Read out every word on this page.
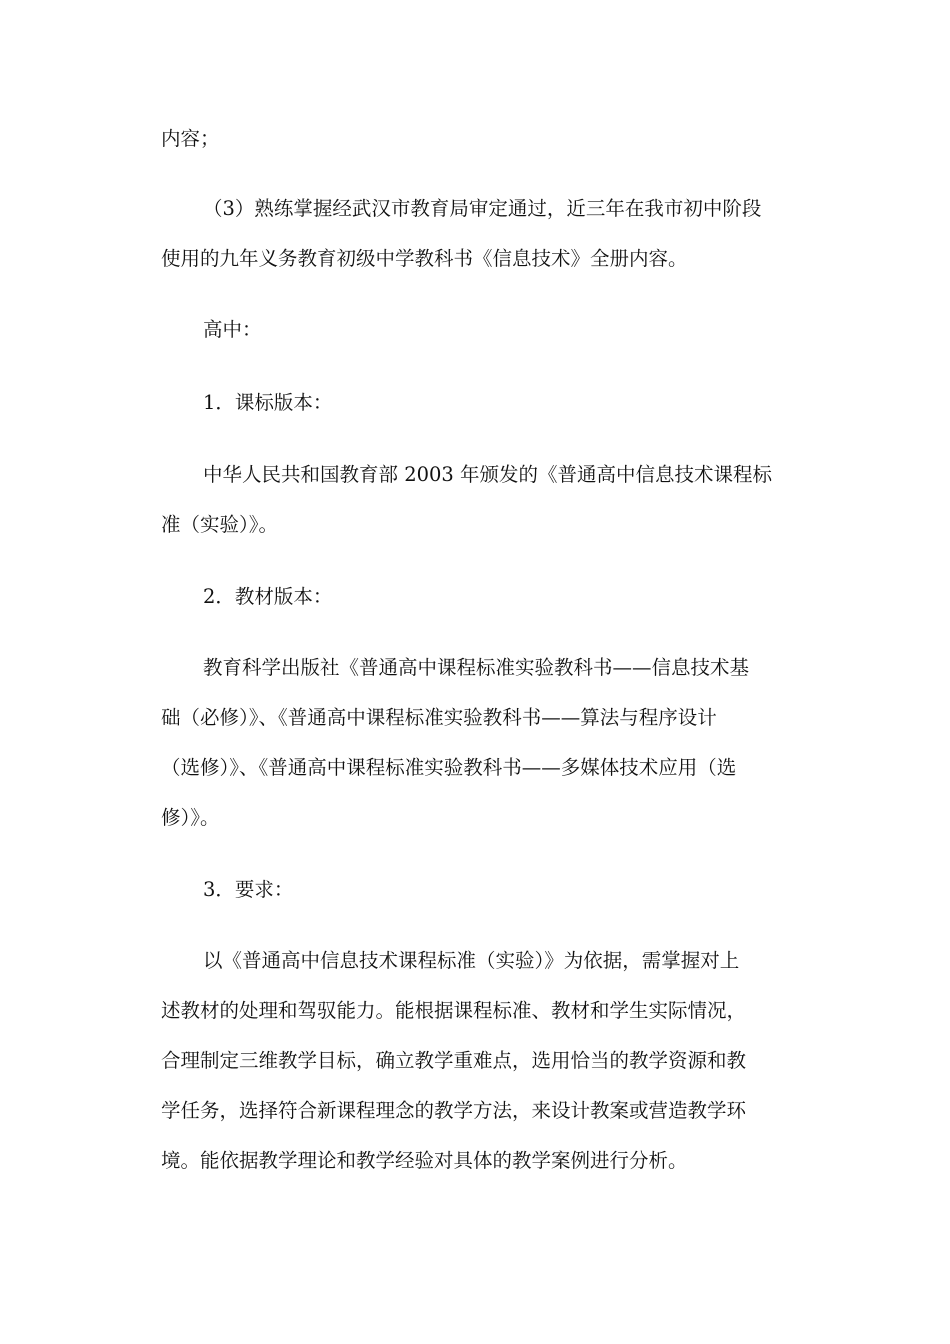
内容；
（3）熟练掌握经武汉市教育局审定通过，近三年在我市初中阶段
使用的九年义务教育初级中学教科书《信息技术》全册内容。
高中：
1．课标版本：
中华人民共和国教育部 2003 年颁发的《普通高中信息技术课程标
准（实验）》。
2．教材版本：
教育科学出版社《普通高中课程标准实验教科书——信息技术基
础（必修）》、《普通高中课程标准实验教科书——算法与程序设计
（选修）》、《普通高中课程标准实验教科书——多媒体技术应用（选
修）》。
3．要求：
以《普通高中信息技术课程标准（实验）》为依据，需掌握对上
述教材的处理和驾驭能力。能根据课程标准、教材和学生实际情况，
合理制定三维教学目标，确立教学重难点，选用恰当的教学资源和教
学任务，选择符合新课程理念的教学方法，来设计教案或营造教学环
境。能依据教学理论和教学经验对具体的教学案例进行分析。
